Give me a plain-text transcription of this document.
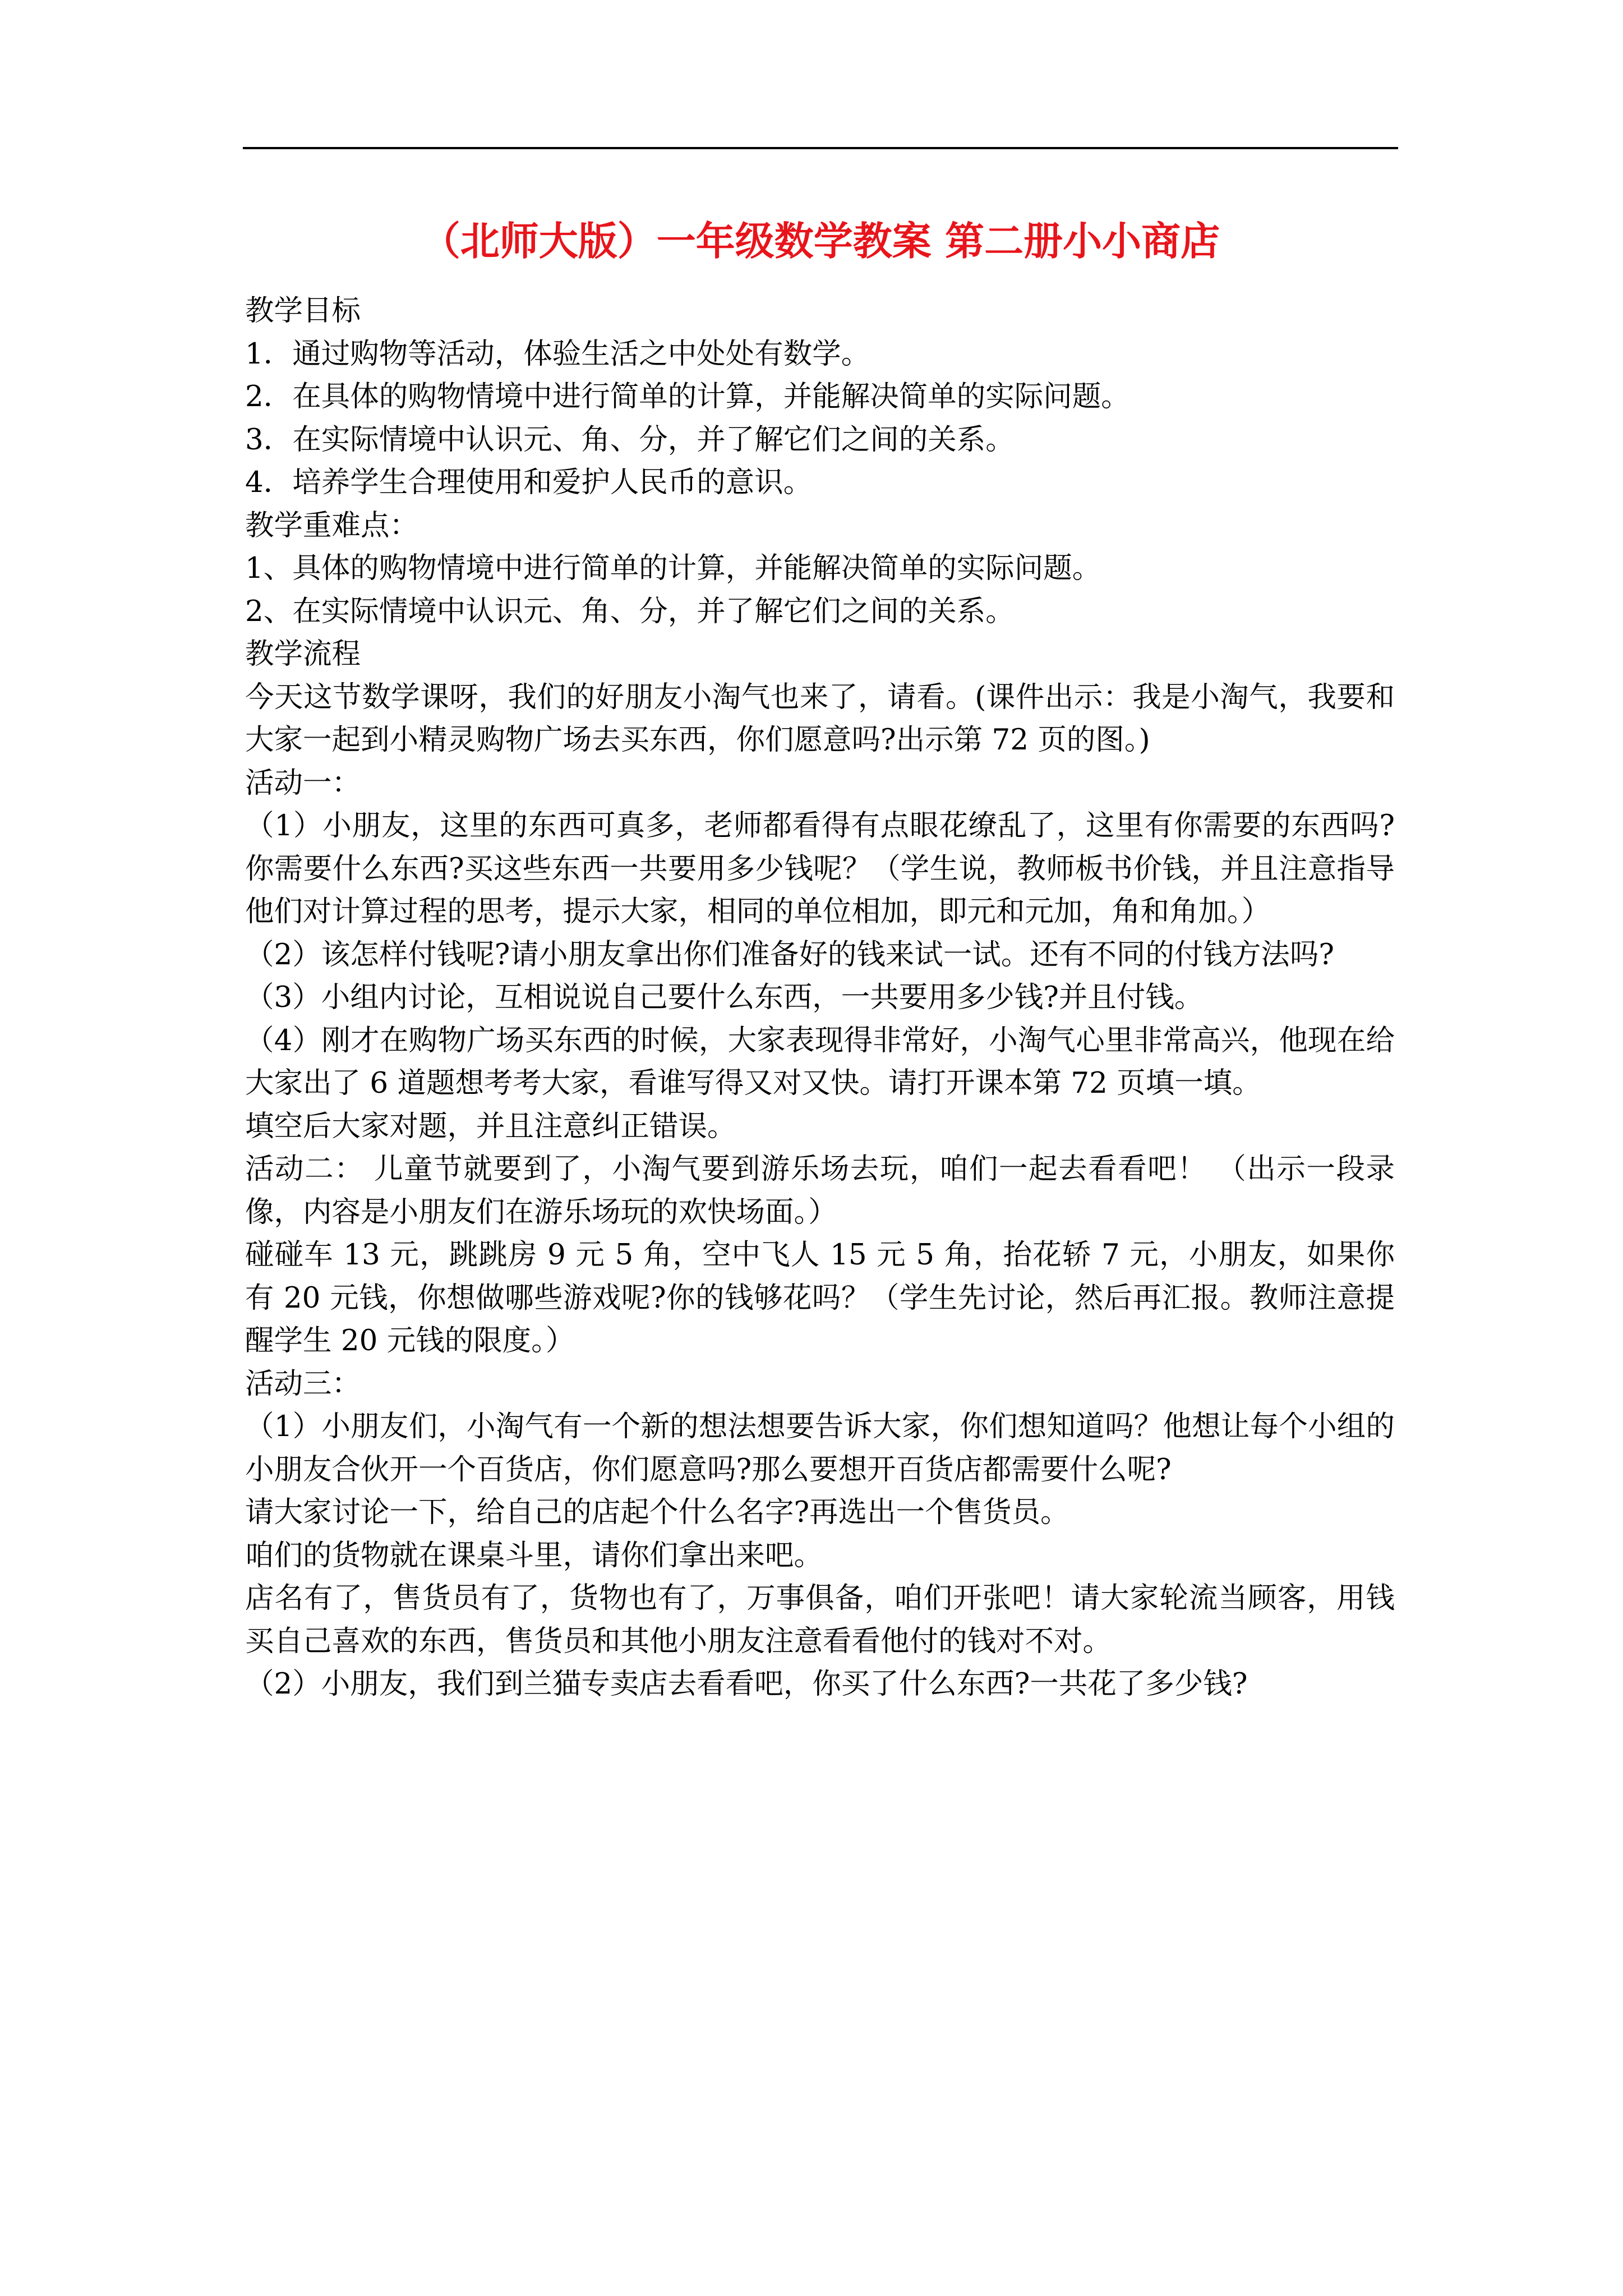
（北师大版）一年级数学教案 第二册小小商店

教学目标

1．通过购物等活动，体验生活之中处处有数学。

2．在具体的购物情境中进行简单的计算，并能解决简单的实际问题。

3．在实际情境中认识元、角、分，并了解它们之间的关系。

4．培养学生合理使用和爱护人民币的意识。

教学重难点：

1、具体的购物情境中进行简单的计算，并能解决简单的实际问题。

2、在实际情境中认识元、角、分，并了解它们之间的关系。

教学流程

今天这节数学课呀，我们的好朋友小淘气也来了，请看。(课件出示：我是小淘气，我要和大家一起到小精灵购物广场去买东西，你们愿意吗?出示第 72 页的图。)

活动一：

（1）小朋友，这里的东西可真多，老师都看得有点眼花缭乱了，这里有你需要的东西吗?你需要什么东西?买这些东西一共要用多少钱呢？（学生说，教师板书价钱，并且注意指导他们对计算过程的思考，提示大家，相同的单位相加，即元和元加，角和角加。）

（2）该怎样付钱呢?请小朋友拿出你们准备好的钱来试一试。还有不同的付钱方法吗?

（3）小组内讨论，互相说说自己要什么东西，一共要用多少钱?并且付钱。

（4）刚才在购物广场买东西的时候，大家表现得非常好，小淘气心里非常高兴，他现在给大家出了 6 道题想考考大家，看谁写得又对又快。请打开课本第 72 页填一填。

填空后大家对题，并且注意纠正错误。

活动二： 儿童节就要到了，小淘气要到游乐场去玩，咱们一起去看看吧！ （出示一段录像，内容是小朋友们在游乐场玩的欢快场面。）

碰碰车 13 元，跳跳房 9 元 5 角，空中飞人 15 元 5 角，抬花轿 7 元，小朋友，如果你有 20 元钱，你想做哪些游戏呢?你的钱够花吗？（学生先讨论，然后再汇报。教师注意提醒学生 20 元钱的限度。）

活动三：

（1）小朋友们，小淘气有一个新的想法想要告诉大家，你们想知道吗？他想让每个小组的小朋友合伙开一个百货店，你们愿意吗?那么要想开百货店都需要什么呢?

请大家讨论一下，给自己的店起个什么名字?再选出一个售货员。

咱们的货物就在课桌斗里，请你们拿出来吧。

店名有了，售货员有了，货物也有了，万事俱备，咱们开张吧！请大家轮流当顾客，用钱买自己喜欢的东西，售货员和其他小朋友注意看看他付的钱对不对。

（2）小朋友，我们到兰猫专卖店去看看吧，你买了什么东西?一共花了多少钱?
